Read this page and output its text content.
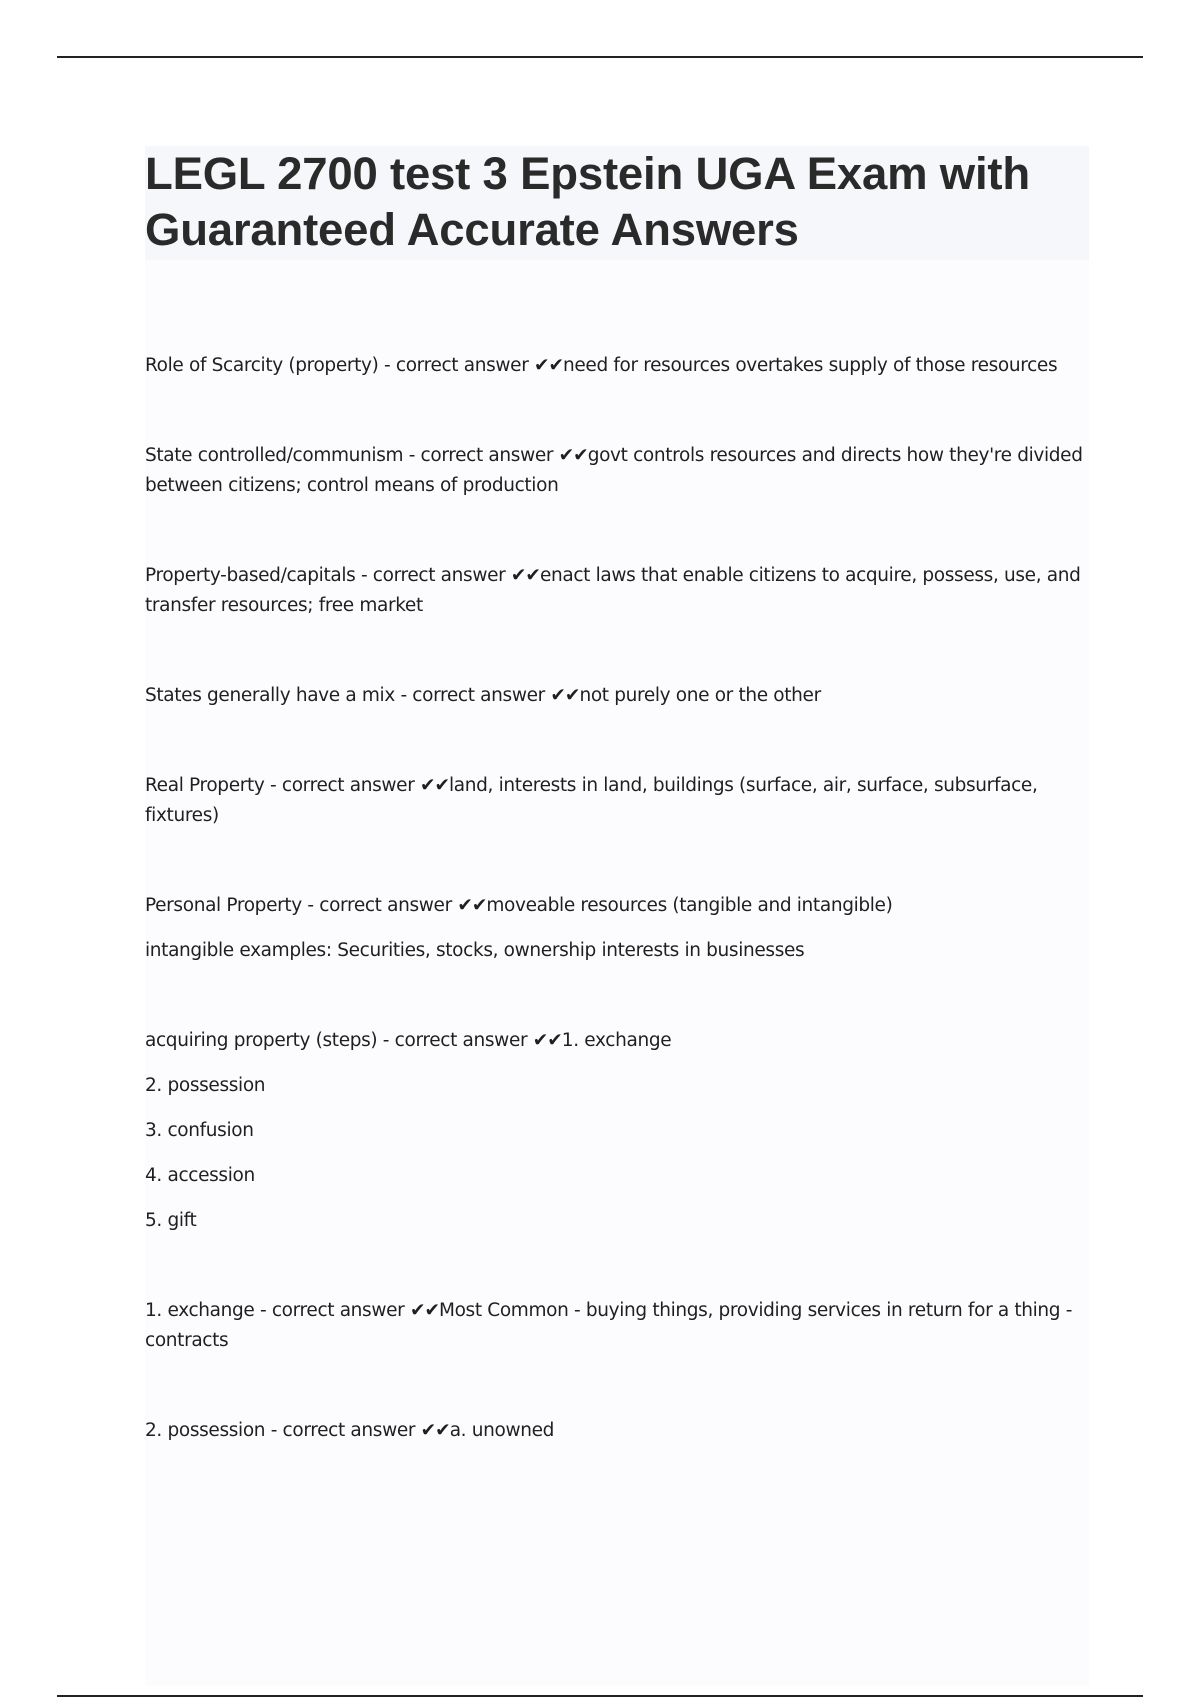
LEGL 2700 test 3 Epstein UGA Exam with Guaranteed Accurate Answers

Role of Scarcity (property) - correct answer ✔✔need for resources overtakes supply of those resources

State controlled/communism - correct answer ✔✔govt controls resources and directs how they're divided between citizens; control means of production

Property-based/capitals - correct answer ✔✔enact laws that enable citizens to acquire, possess, use, and transfer resources; free market

States generally have a mix - correct answer ✔✔not purely one or the other

Real Property - correct answer ✔✔land, interests in land, buildings (surface, air, surface, subsurface, fixtures)

Personal Property - correct answer ✔✔moveable resources (tangible and intangible)

intangible examples: Securities, stocks, ownership interests in businesses

acquiring property (steps) - correct answer ✔✔1. exchange

2. possession

3. confusion

4. accession

5. gift

1. exchange - correct answer ✔✔Most Common - buying things, providing services in return for a thing - contracts

2. possession - correct answer ✔✔a. unowned
